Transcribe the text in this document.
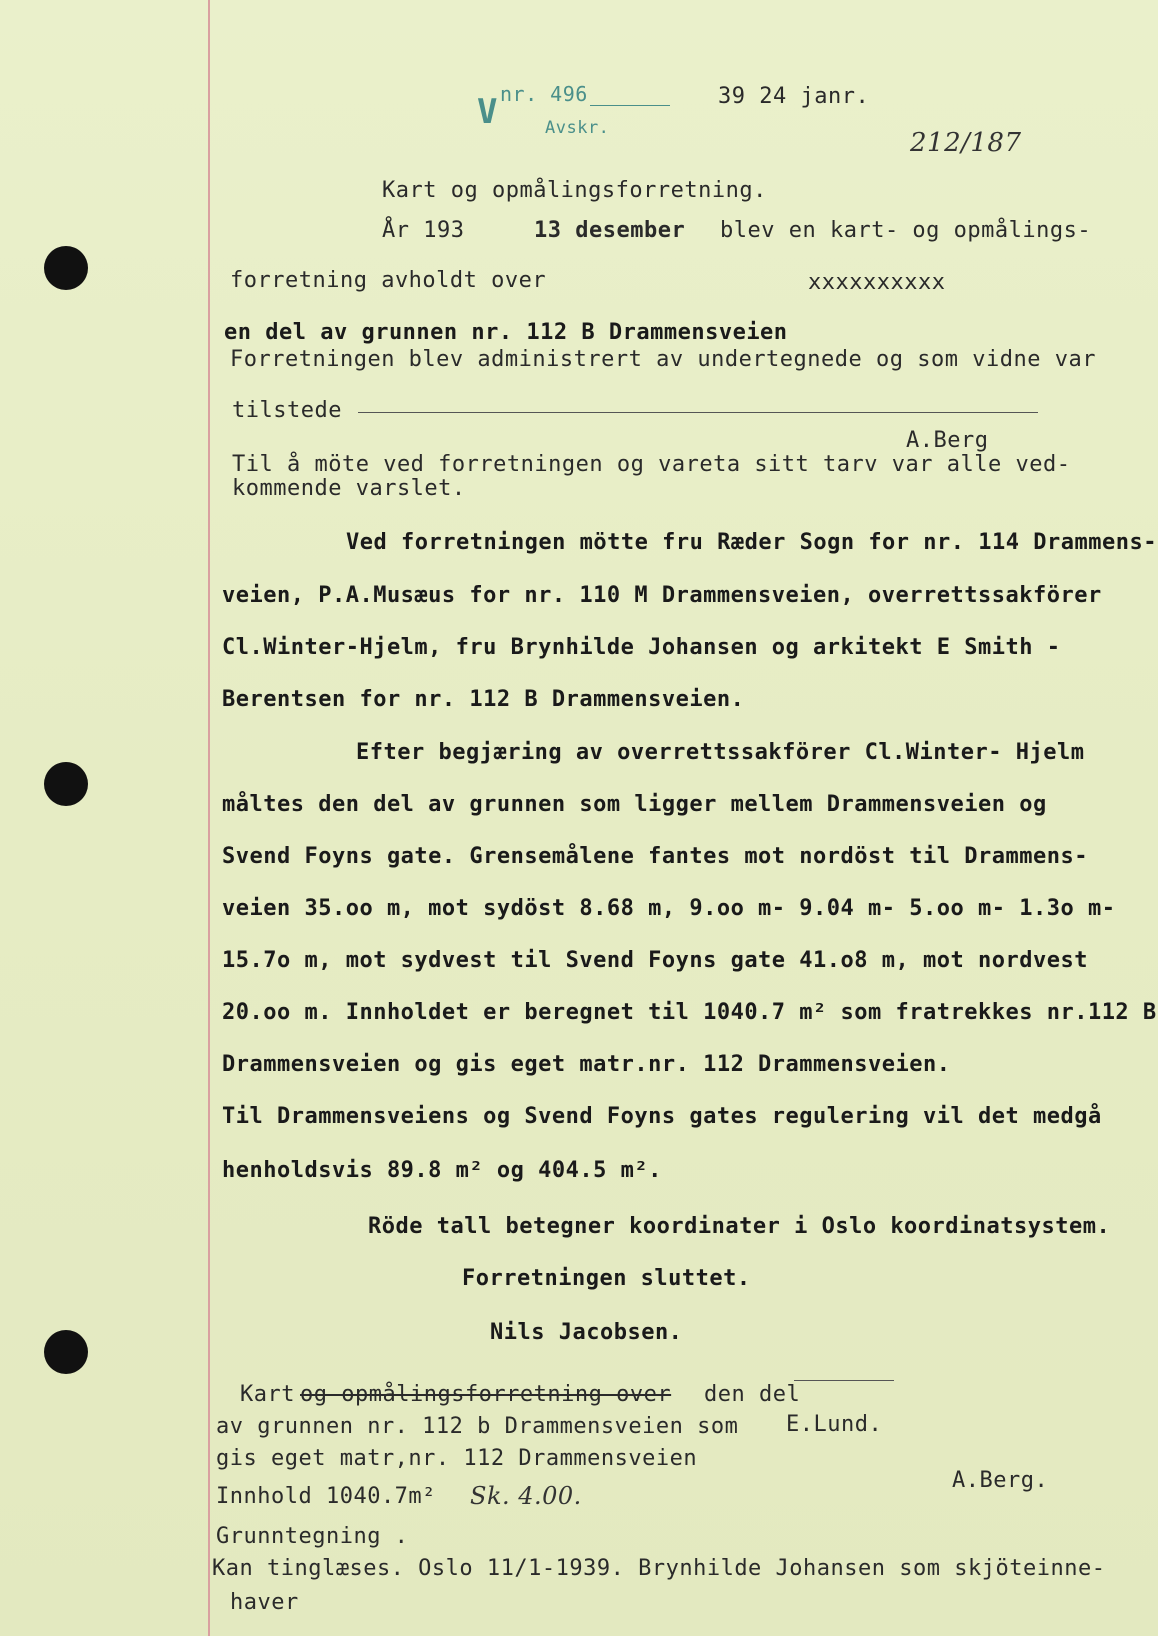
V nr. 496
Avskr.
39 24 janr.
212/187
Kart og opmålingsforretning.
År 193	13 desember blev en kart- og opmålings-
forretning avholdt over	xxxxxxxxxx
en del av grunnen nr. 112 B Drammensveien
Forretningen blev administrert av undertegnede og som vidne var
tilstede
A.Berg
Til å möte ved forretningen og vareta sitt tarv var alle ved-
kommende varslet.
Ved forretningen mötte fru Ræder Sogn for nr. 114 Drammens-
veien, P.A.Musæus for nr. 110 M Drammensveien, overrettssakförer
Cl.Winter-Hjelm, fru Brynhilde Johansen og arkitekt E Smith -
Berentsen for nr. 112 B Drammensveien.
Efter begjæring av overrettssakförer Cl.Winter- Hjelm
måltes den del av grunnen som ligger mellem Drammensveien og
Svend Foyns gate. Grensemålene fantes mot nordöst til Drammens-
veien 35.oo m, mot sydöst 8.68 m, 9.oo m- 9.04 m- 5.oo m- 1.3o m-
15.7o m, mot sydvest til Svend Foyns gate 41.o8 m, mot nordvest
20.oo m. Innholdet er beregnet til 1040.7 m² som fratrekkes nr.112 B
Drammensveien og gis eget matr.nr. 112 Drammensveien.
Til Drammensveiens og Svend Foyns gates regulering vil det medgå
henholdsvis 89.8 m² og 404.5 m².
Röde tall betegner koordinater i Oslo koordinatsystem.
Forretningen sluttet.
Nils Jacobsen.
Kart og opmålingsforretning over den del
av grunnen nr. 112 b Drammensveien som E.Lund.
gis eget matr,nr. 112 Drammensveien
Innhold 1040.7m² Sk. 4.00.
A.Berg.
Grunntegning .
Kan tinglæses. Oslo 11/1-1939. Brynhilde Johansen som skjöteinne-
haver
